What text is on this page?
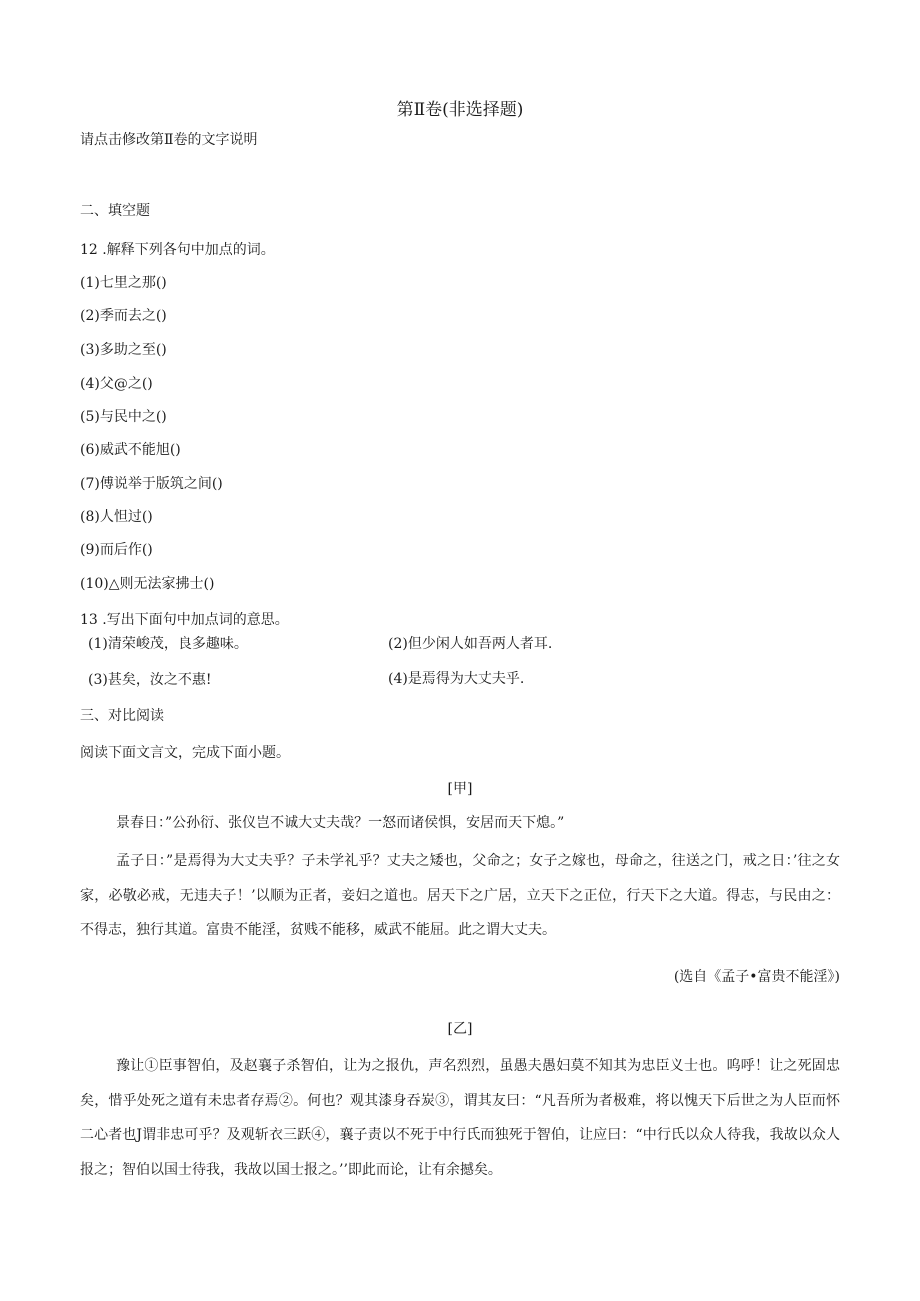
第Ⅱ卷(非选择题)
请点击修改第Ⅱ卷的文字说明
二、填空题
12 .解释下列各句中加点的词。
(1)七里之那()
(2)季而去之()
(3)多助之至()
(4)父@之()
(5)与民中之()
(6)威武不能旭()
(7)傅说举于版筑之间()
(8)人怛过()
(9)而后作()
(10)△则无法家拂士()
13 .写出下面句中加点词的意思。
(1)清荣峻茂，良多趣味。	(2)但少闲人如吾两人者耳.
(3)甚矣，汝之不惠!	(4)是焉得为大丈夫乎.
三、对比阅读
阅读下面文言文，完成下面小题。
[甲]
景春日：”公孙衍、张仪岂不诚大丈夫哉？一怒而诸侯惧，安居而天下熄。”
孟子日：”是焉得为大丈夫乎？子未学礼乎？丈夫之矮也，父命之；女子之嫁也，母命之，往送之门，戒之日：’往之女家，必敬必戒，无违夫子！’以顺为正者，妾妇之道也。居天下之广居，立天下之正位，行天下之大道。得志，与民由之：不得志，独行其道。富贵不能淫，贫贱不能移，威武不能屈。此之谓大丈夫。
(选自《孟子•富贵不能淫》)
[乙]
豫让①臣事智伯，及赵襄子杀智伯，让为之报仇，声名烈烈，虽愚夫愚妇莫不知其为忠臣义士也。呜呼！让之死固忠矣，惜乎处死之道有未忠者存焉②。何也？观其漆身吞炭③，谓其友曰：“凡吾所为者极难，将以愧天下后世之为人臣而怀二心者也J谓非忠可乎？及观斩衣三跃④，襄子责以不死于中行氏而独死于智伯，让应曰：“中行氏以众人待我，我故以众人报之；智伯以国士待我，我故以国士报之。’’即此而论，让有余撼矣。
